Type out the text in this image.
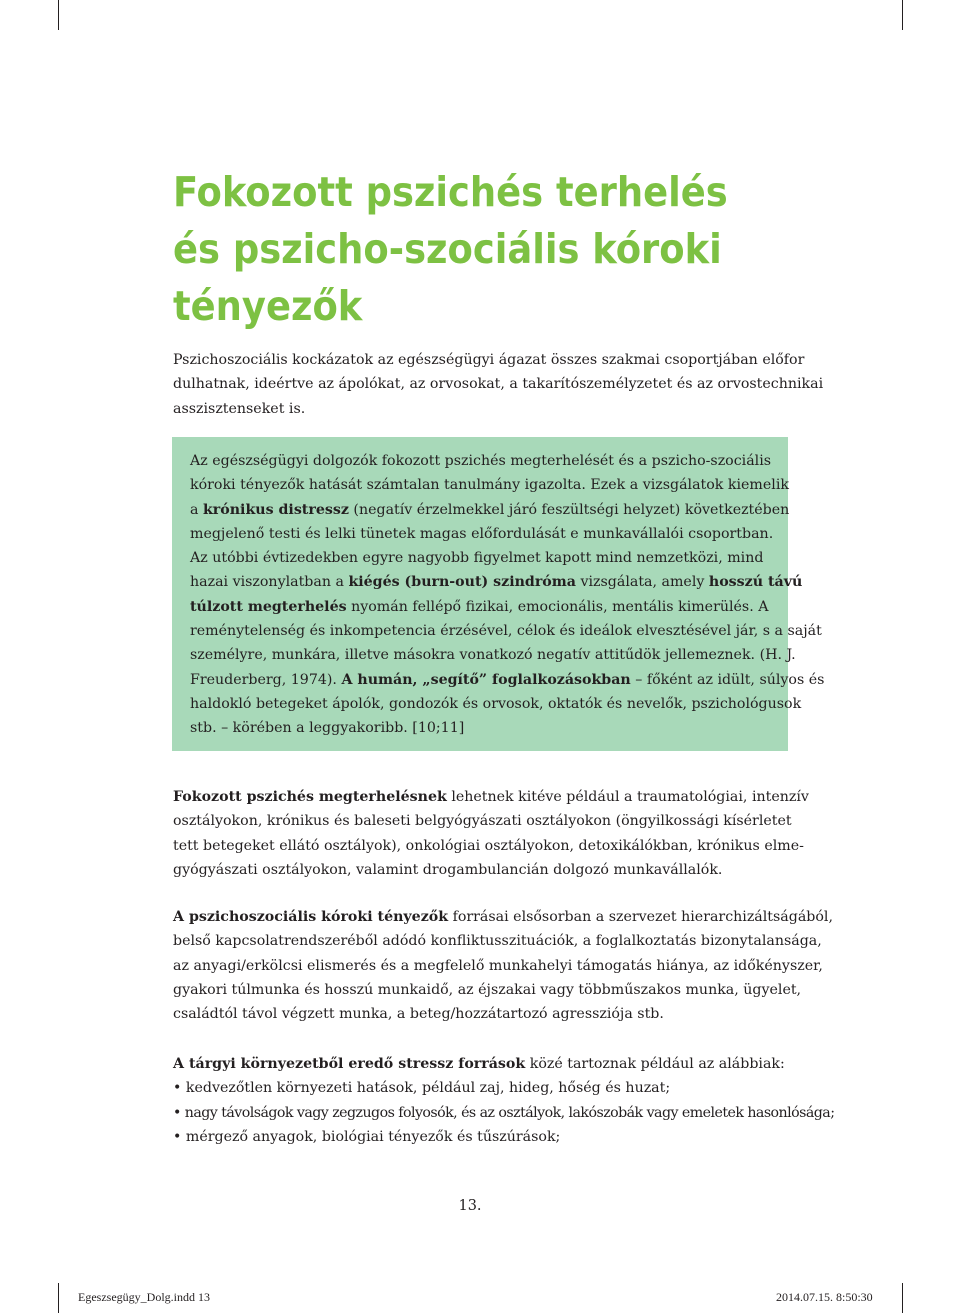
Fokozott pszichés terhelés
és pszicho-szociális kóroki
tényezők
Pszichoszociális kockázatok az egészségügyi ágazat összes szakmai csoportjában előfor
dulhatnak, ideértve az ápolókat, az orvosokat, a takarítószemélyzetet és az orvostechnikai
asszisztenseket is.
Az egészségügyi dolgozók fokozott pszichés megterhelését és a pszicho-szociális
kóroki tényezők hatását számtalan tanulmány igazolta. Ezek a vizsgálatok kiemelik
a krónikus distressz (negatív érzelmekkel járó feszültségi helyzet) következtében
megjelenő testi és lelki tünetek magas előfordulását e munkavállalói csoportban.
Az utóbbi évtizedekben egyre nagyobb figyelmet kapott mind nemzetközi, mind
hazai viszonylatban a kiégés (burn-out) szindróma vizsgálata, amely hosszú távú
túlzott megterhelés nyomán fellépő fizikai, emocionális, mentális kimerülés. A
reménytelenség és inkompetencia érzésével, célok és ideálok elvesztésével jár, s a saját
személyre, munkára, illetve másokra vonatkozó negatív attitűdök jellemeznek. (H. J.
Freuderberg, 1974). A humán, „segítő” foglalkozásokban – főként az idült, súlyos és
haldokló betegeket ápolók, gondozók és orvosok, oktatók és nevelők, pszichológusok
stb. – körében a leggyakoribb. [10;11]
Fokozott pszichés megterhelésnek lehetnek kitéve például a traumatológiai, intenzív
osztályokon, krónikus és baleseti belgyógyászati osztályokon (öngyilkossági kísérletet
tett betegeket ellátó osztályok), onkológiai osztályokon, detoxikálókban, krónikus elme-
gyógyászati osztályokon, valamint drogambulancián dolgozó munkavállalók.
A pszichoszociális kóroki tényezők forrásai elsősorban a szervezet hierarchizáltságából,
belső kapcsolatrendszeréből adódó konfliktusszituációk, a foglalkoztatás bizonytalansága,
az anyagi/erkölcsi elismerés és a megfelelő munkahelyi támogatás hiánya, az időkényszer,
gyakori túlmunka és hosszú munkaidő, az éjszakai vagy többműszakos munka, ügyelet,
családtól távol végzett munka, a beteg/hozzátartozó agressziója stb.
A tárgyi környezetből eredő stressz források közé tartoznak például az alábbiak:
• kedvezőtlen környezeti hatások, például zaj, hideg, hőség és huzat;
• nagy távolságok vagy zegzugos folyosók, és az osztályok, lakószobák vagy emeletek hasonlósága;
• mérgező anyagok, biológiai tényezők és tűszúrások;
13.
Egeszsegügy_Dolg.indd 13	2014.07.15. 8:50:30
